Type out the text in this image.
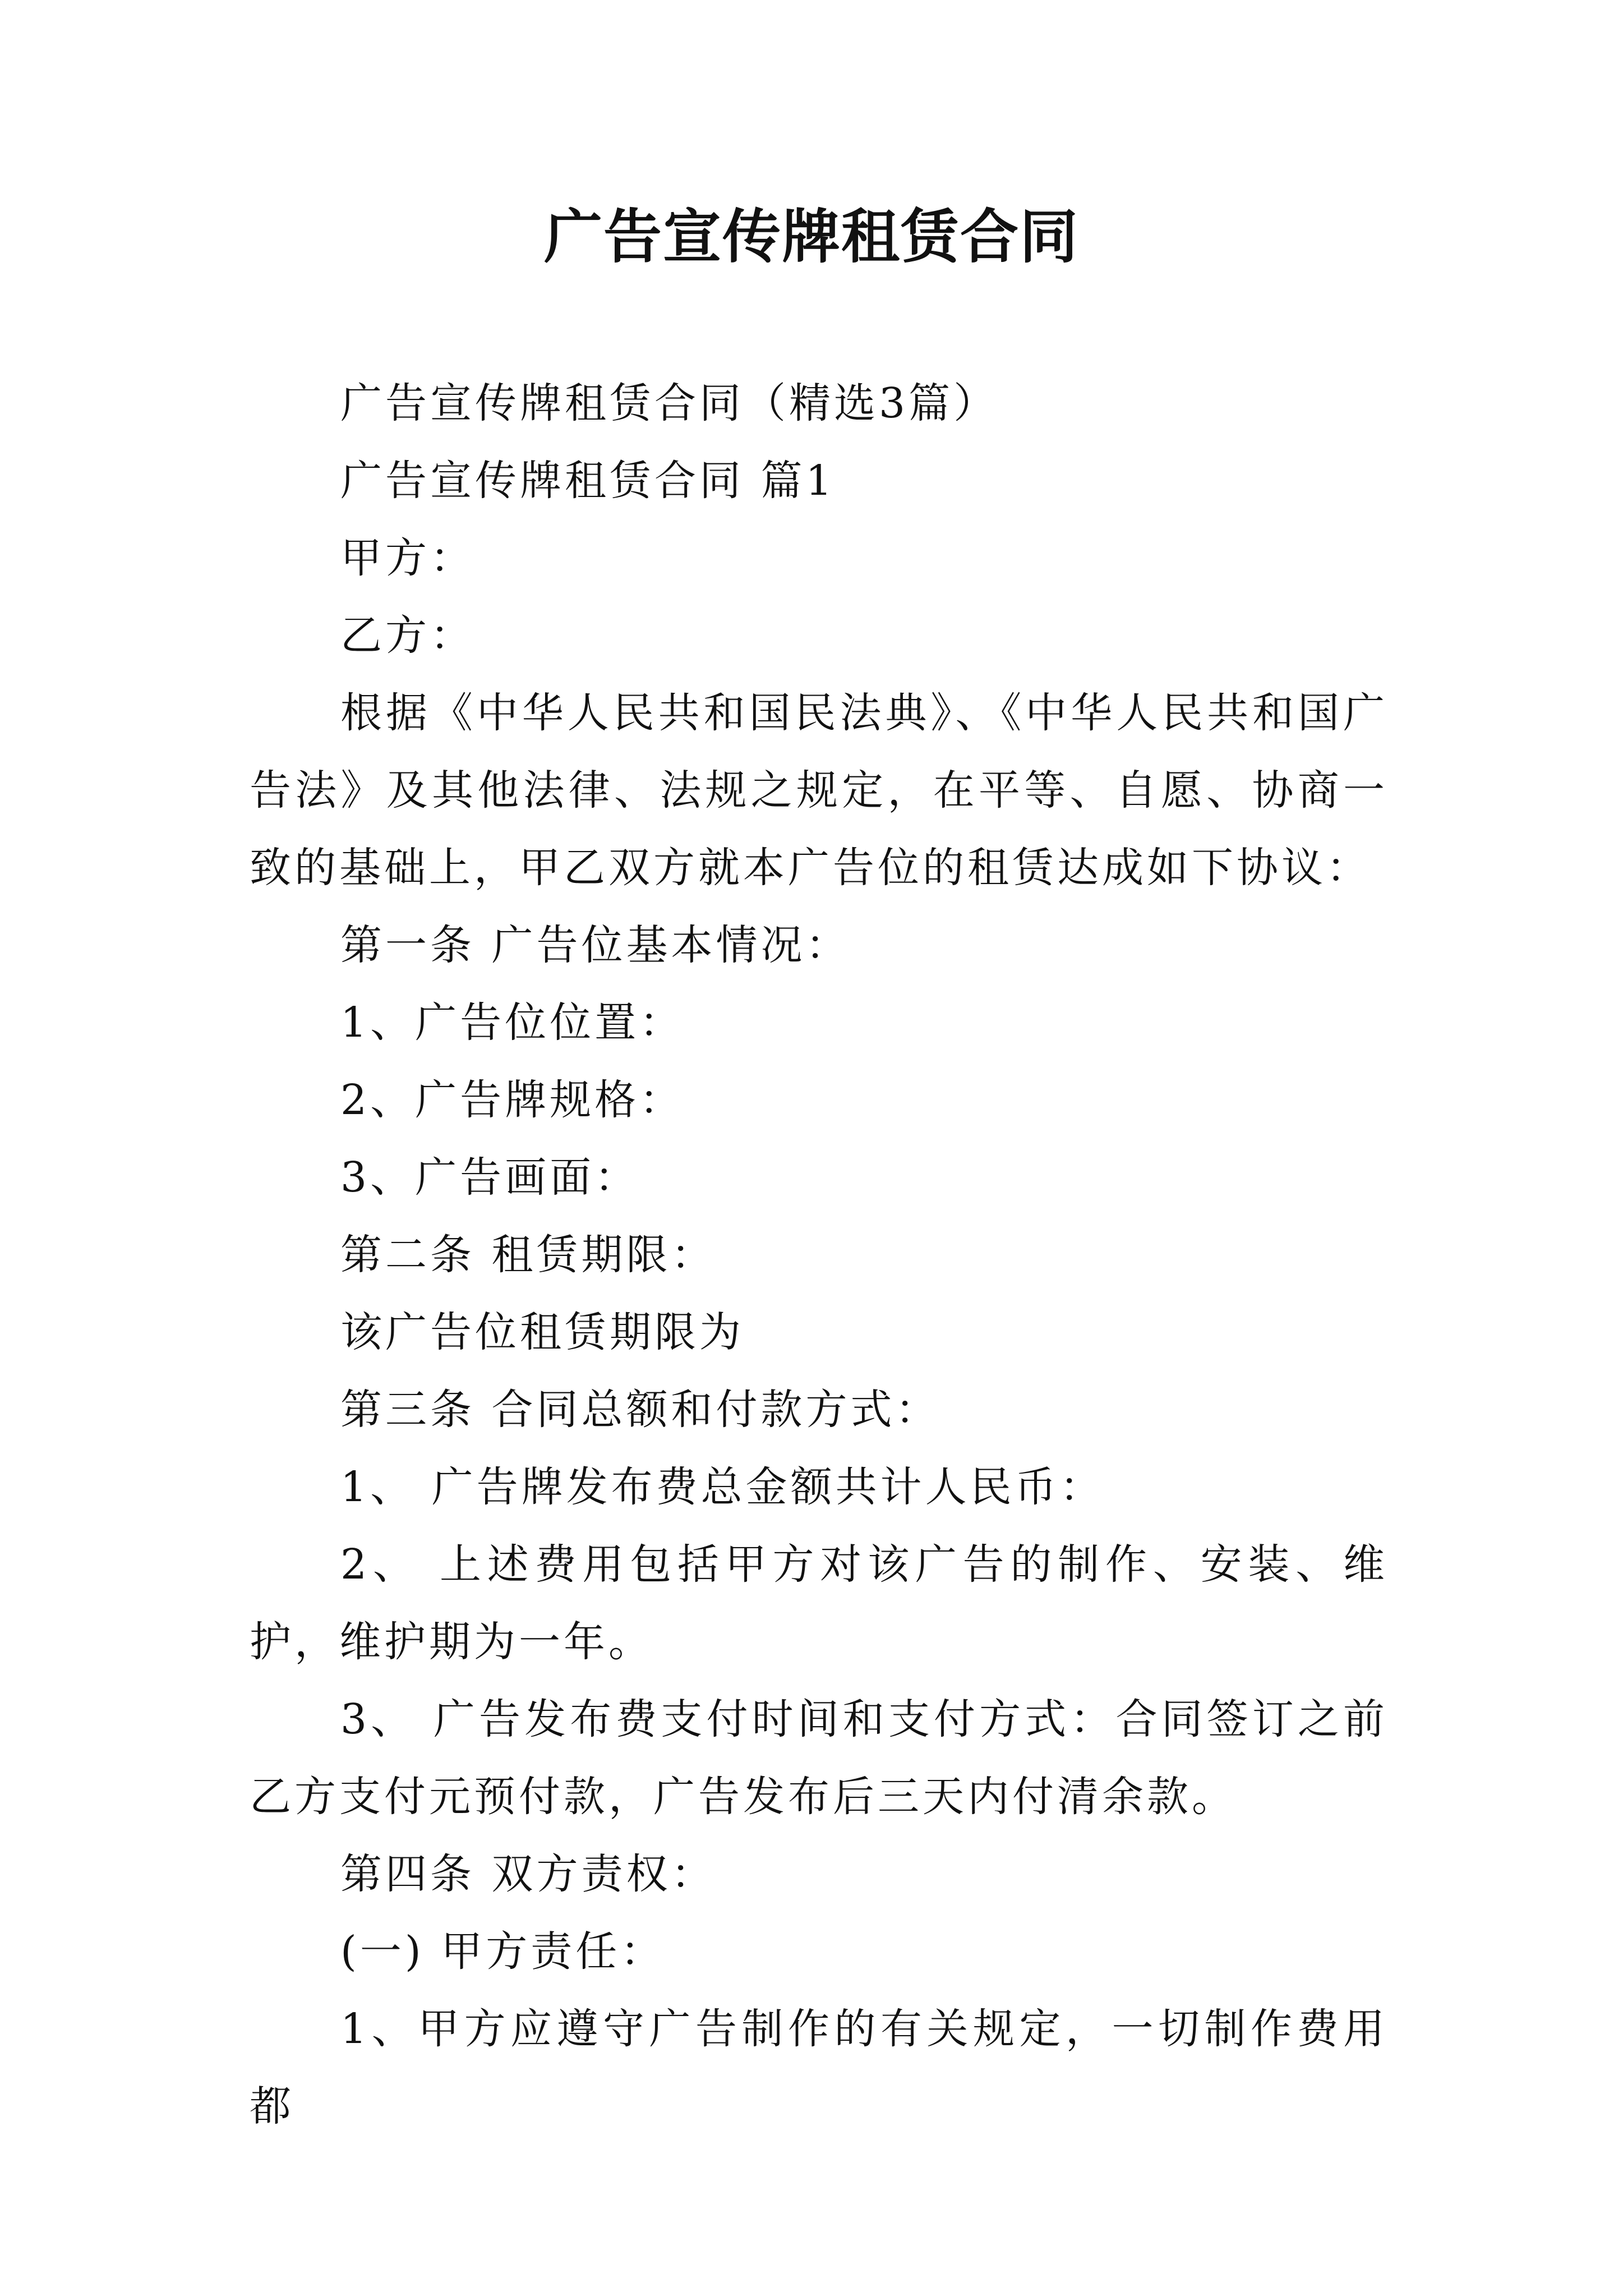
广告宣传牌租赁合同

广告宣传牌租赁合同（精选3篇）

广告宣传牌租赁合同 篇1

甲方：

乙方：

根据《中华人民共和国民法典》、《中华人民共和国广告法》及其他法律、法规之规定，在平等、自愿、协商一致的基础上，甲乙双方就本广告位的租赁达成如下协议：

第一条 广告位基本情况：

1、广告位位置：

2、广告牌规格：

3、广告画面：

第二条 租赁期限：

该广告位租赁期限为

第三条 合同总额和付款方式：

1、 广告牌发布费总金额共计人民币：

2、 上述费用包括甲方对该广告的制作、安装、维护，维护期为一年。

3、 广告发布费支付时间和支付方式：合同签订之前乙方支付元预付款，广告发布后三天内付清余款。

第四条 双方责权：

(一) 甲方责任：

1、甲方应遵守广告制作的有关规定，一切制作费用都
